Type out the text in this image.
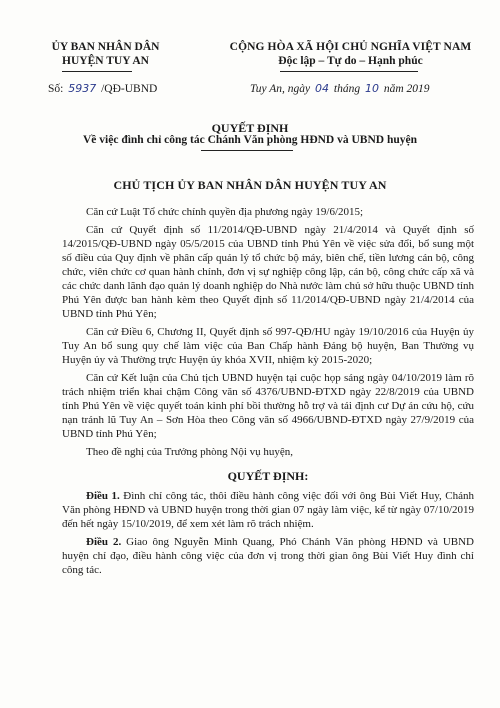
ỦY BAN NHÂN DÂN
HUYỆN TUY AN
CỘNG HÒA XÃ HỘI CHỦ NGHĨA VIỆT NAM
Độc lập – Tự do – Hạnh phúc
Số: 5937 /QĐ-UBND	Tuy An, ngày 04 tháng 10 năm 2019
QUYẾT ĐỊNH
Về việc đình chỉ công tác Chánh Văn phòng HĐND và UBND huyện
CHỦ TỊCH ỦY BAN NHÂN DÂN HUYỆN TUY AN

Căn cứ Luật Tổ chức chính quyền địa phương ngày 19/6/2015;

Căn cứ Quyết định số 11/2014/QĐ-UBND ngày 21/4/2014 và Quyết định số 14/2015/QĐ-UBND ngày 05/5/2015 của UBND tỉnh Phú Yên về việc sửa đổi, bổ sung một số điều của Quy định về phân cấp quản lý tổ chức bộ máy, biên chế, tiền lương cán bộ, công chức, viên chức cơ quan hành chính, đơn vị sự nghiệp công lập, cán bộ, công chức cấp xã và các chức danh lãnh đạo quản lý doanh nghiệp do Nhà nước làm chủ sở hữu thuộc UBND tỉnh Phú Yên được ban hành kèm theo Quyết định số 11/2014/QĐ-UBND ngày 21/4/2014 của UBND tỉnh Phú Yên;

Căn cứ Điều 6, Chương II, Quyết định số 997-QĐ/HU ngày 19/10/2016 của Huyện ủy Tuy An bổ sung quy chế làm việc của Ban Chấp hành Đảng bộ huyện, Ban Thường vụ Huyện ủy và Thường trực Huyện ủy khóa XVII, nhiệm kỳ 2015-2020;

Căn cứ Kết luận của Chủ tịch UBND huyện tại cuộc họp sáng ngày 04/10/2019 làm rõ trách nhiệm triển khai chậm Công văn số 4376/UBND-ĐTXD ngày 22/8/2019 của UBND tỉnh Phú Yên về việc quyết toán kinh phí bồi thường hỗ trợ và tái định cư Dự án cứu hộ, cứu nạn tránh lũ Tuy An – Sơn Hòa theo Công văn số 4966/UBND-ĐTXD ngày 27/9/2019 của UBND tỉnh Phú Yên;

Theo đề nghị của Trưởng phòng Nội vụ huyện,

QUYẾT ĐỊNH:

Điều 1. Đình chỉ công tác, thôi điều hành công việc đối với ông Bùi Viết Huy, Chánh Văn phòng HĐND và UBND huyện trong thời gian 07 ngày làm việc, kể từ ngày 07/10/2019 đến hết ngày 15/10/2019, để xem xét làm rõ trách nhiệm.

Điều 2. Giao ông Nguyễn Minh Quang, Phó Chánh Văn phòng HĐND và UBND huyện chỉ đạo, điều hành công việc của đơn vị trong thời gian ông Bùi Viết Huy đình chỉ công tác.
